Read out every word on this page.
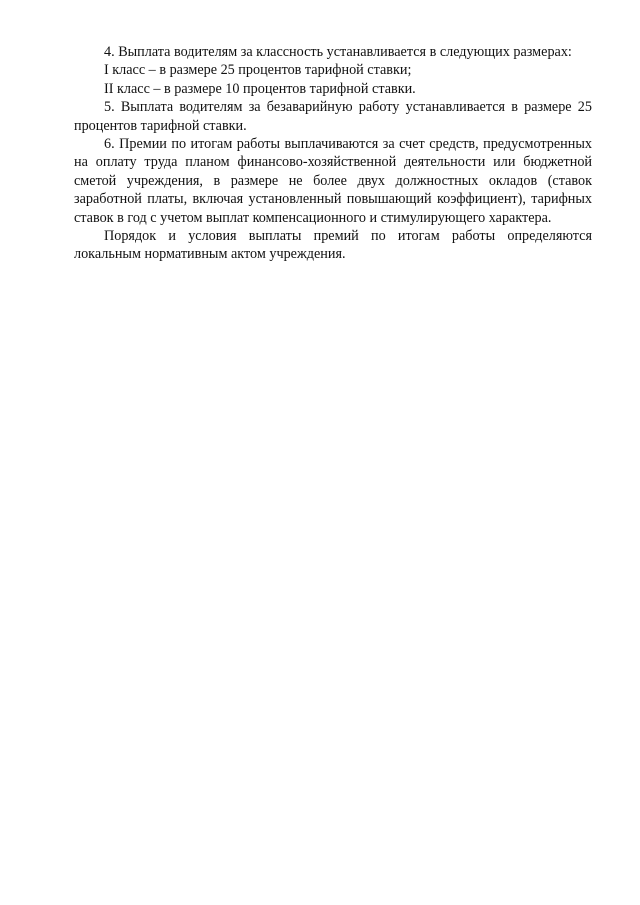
4. Выплата водителям за классность устанавливается в следующих размерах:

I класс – в размере 25 процентов тарифной ставки;

II класс – в размере 10 процентов тарифной ставки.

5. Выплата водителям за безаварийную работу устанавливается в размере 25 процентов тарифной ставки.

6. Премии по итогам работы выплачиваются за счет средств, предусмотренных на оплату труда планом финансово-хозяйственной деятельности или бюджетной сметой учреждения, в размере не более двух должностных окладов (ставок заработной платы, включая установленный повышающий коэффициент), тарифных ставок в год с учетом выплат компенсационного и стимулирующего характера.

Порядок и условия выплаты премий по итогам работы определяются локальным нормативным актом учреждения.
